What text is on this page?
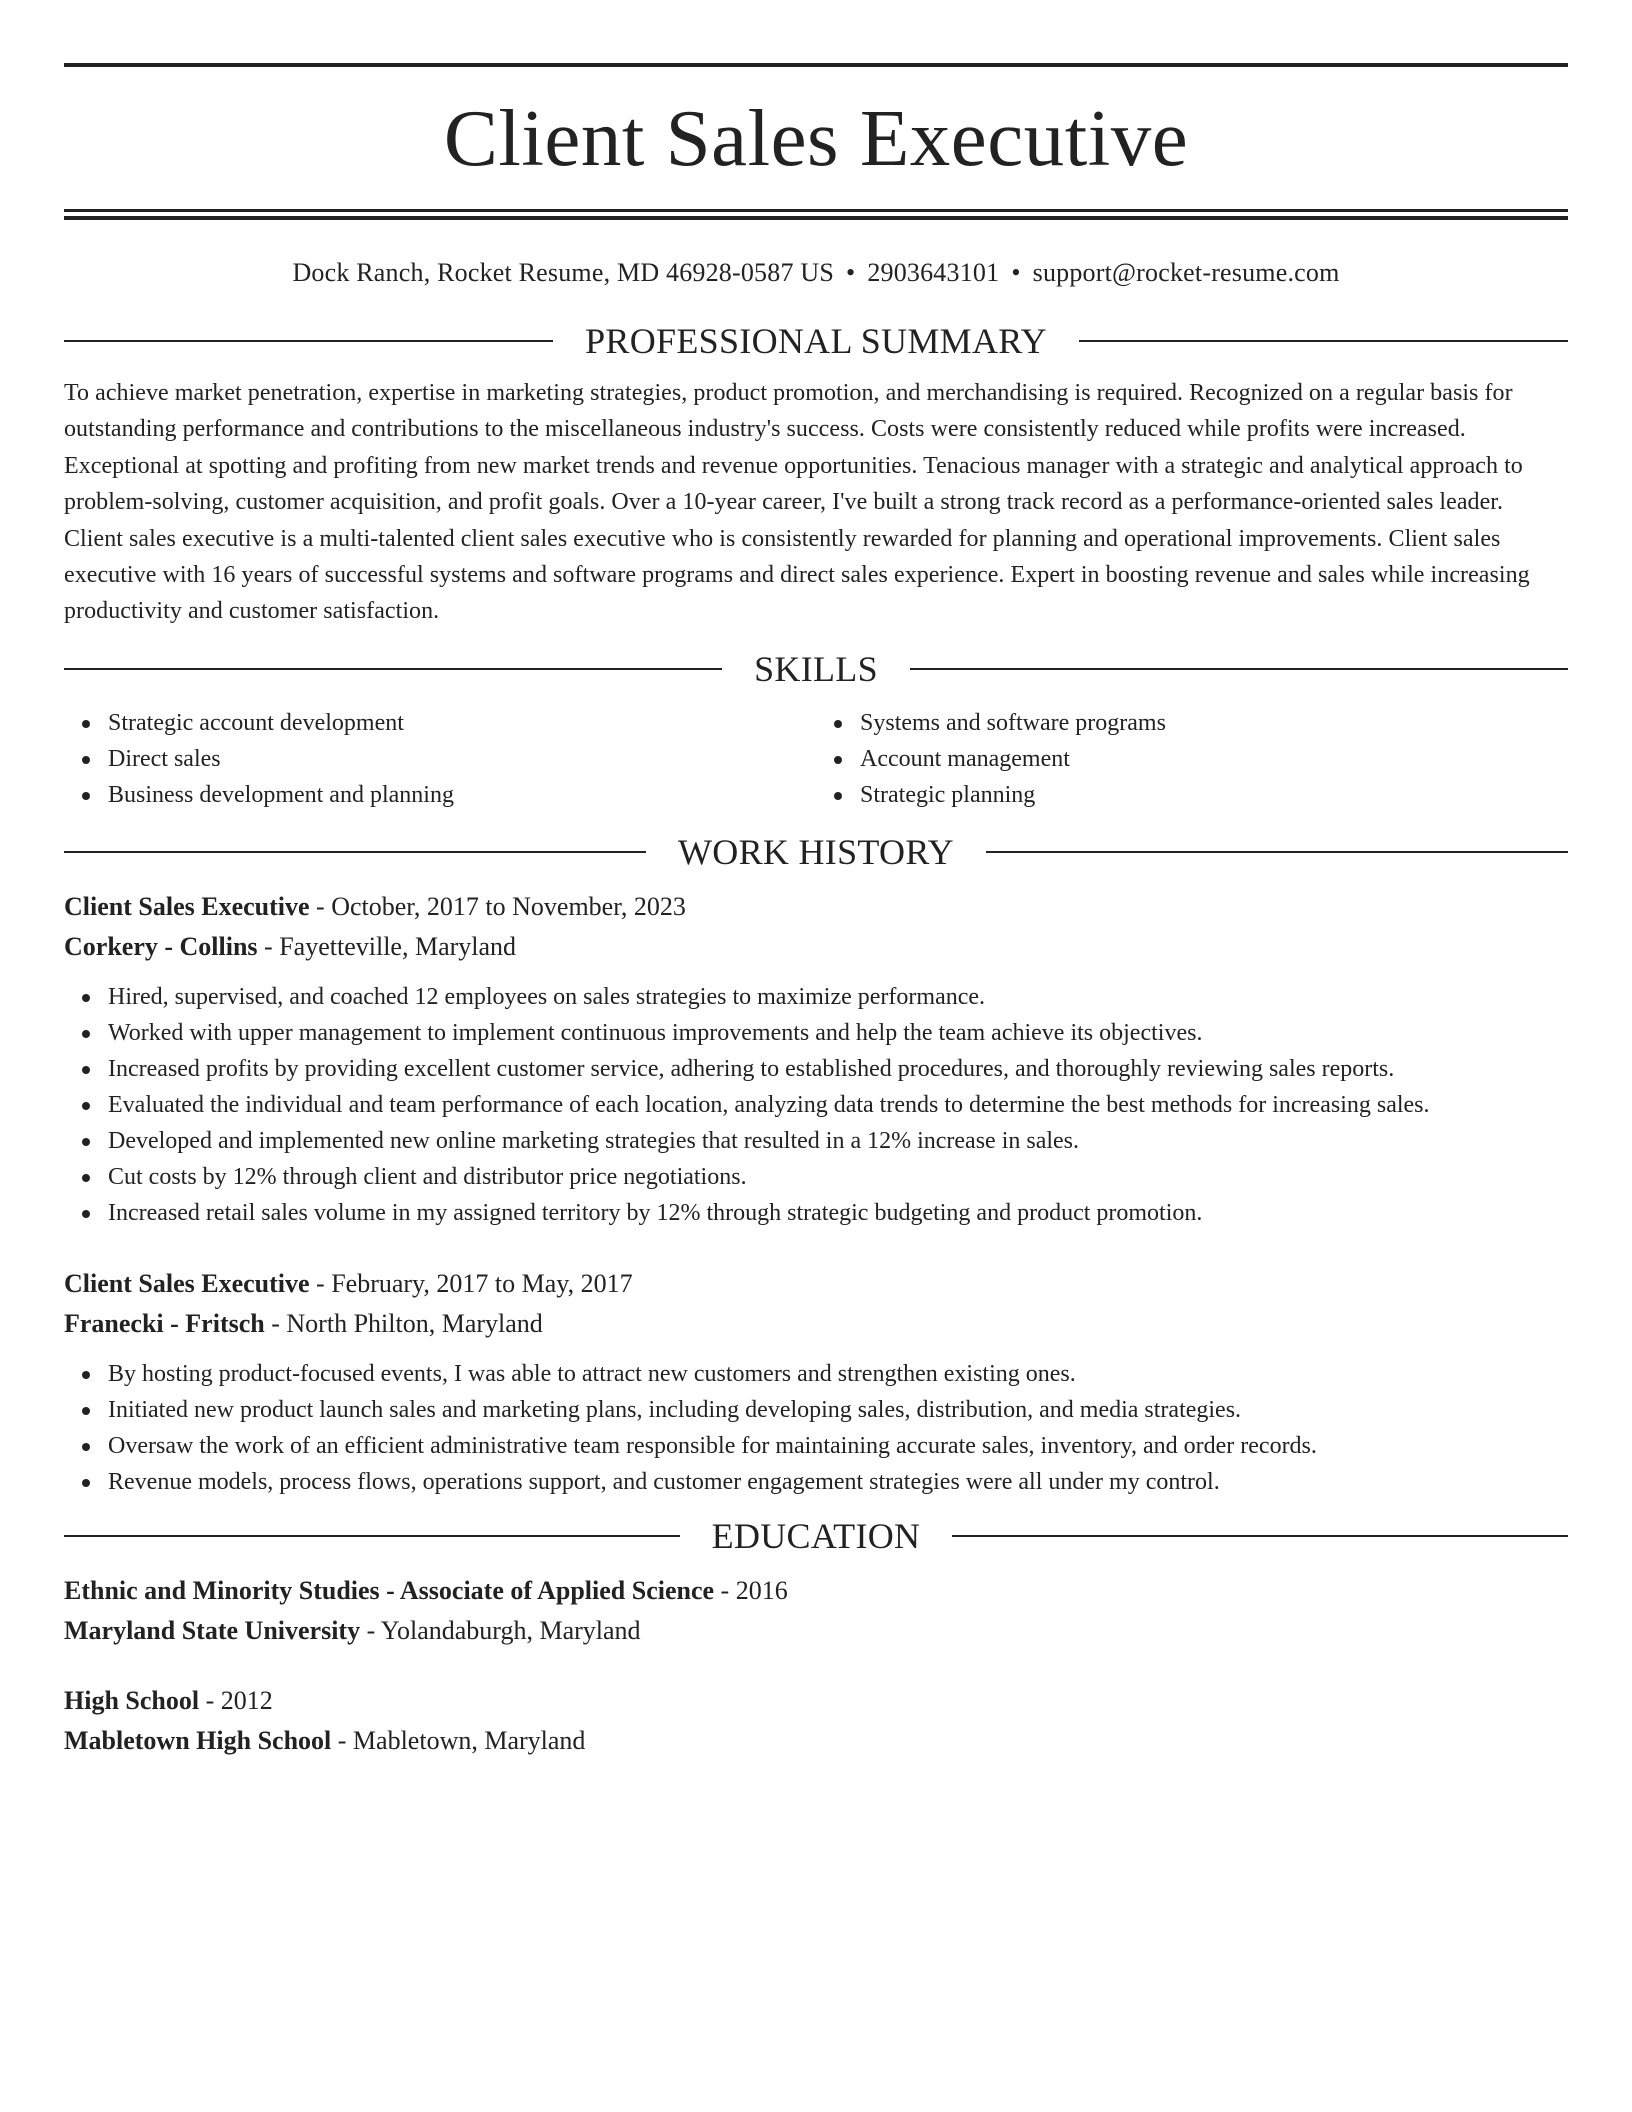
Client Sales Executive
Dock Ranch, Rocket Resume, MD 46928-0587 US • 2903643101 • support@rocket-resume.com
PROFESSIONAL SUMMARY

To achieve market penetration, expertise in marketing strategies, product promotion, and merchandising is required. Recognized on a regular basis for outstanding performance and contributions to the miscellaneous industry's success. Costs were consistently reduced while profits were increased. Exceptional at spotting and profiting from new market trends and revenue opportunities. Tenacious manager with a strategic and analytical approach to problem-solving, customer acquisition, and profit goals. Over a 10-year career, I've built a strong track record as a performance-oriented sales leader. Client sales executive is a multi-talented client sales executive who is consistently rewarded for planning and operational improvements. Client sales executive with 16 years of successful systems and software programs and direct sales experience. Expert in boosting revenue and sales while increasing productivity and customer satisfaction.

SKILLS
Strategic account development
Direct sales
Business development and planning
Systems and software programs
Account management
Strategic planning
WORK HISTORY

Client Sales Executive - October, 2017 to November, 2023

Corkery - Collins - Fayetteville, Maryland

Hired, supervised, and coached 12 employees on sales strategies to maximize performance.
Worked with upper management to implement continuous improvements and help the team achieve its objectives.
Increased profits by providing excellent customer service, adhering to established procedures, and thoroughly reviewing sales reports.
Evaluated the individual and team performance of each location, analyzing data trends to determine the best methods for increasing sales.
Developed and implemented new online marketing strategies that resulted in a 12% increase in sales.
Cut costs by 12% through client and distributor price negotiations.
Increased retail sales volume in my assigned territory by 12% through strategic budgeting and product promotion.

Client Sales Executive - February, 2017 to May, 2017

Franecki - Fritsch - North Philton, Maryland

By hosting product-focused events, I was able to attract new customers and strengthen existing ones.
Initiated new product launch sales and marketing plans, including developing sales, distribution, and media strategies.
Oversaw the work of an efficient administrative team responsible for maintaining accurate sales, inventory, and order records.
Revenue models, process flows, operations support, and customer engagement strategies were all under my control.
EDUCATION

Ethnic and Minority Studies - Associate of Applied Science - 2016

Maryland State University - Yolandaburgh, Maryland

High School - 2012

Mabletown High School - Mabletown, Maryland
